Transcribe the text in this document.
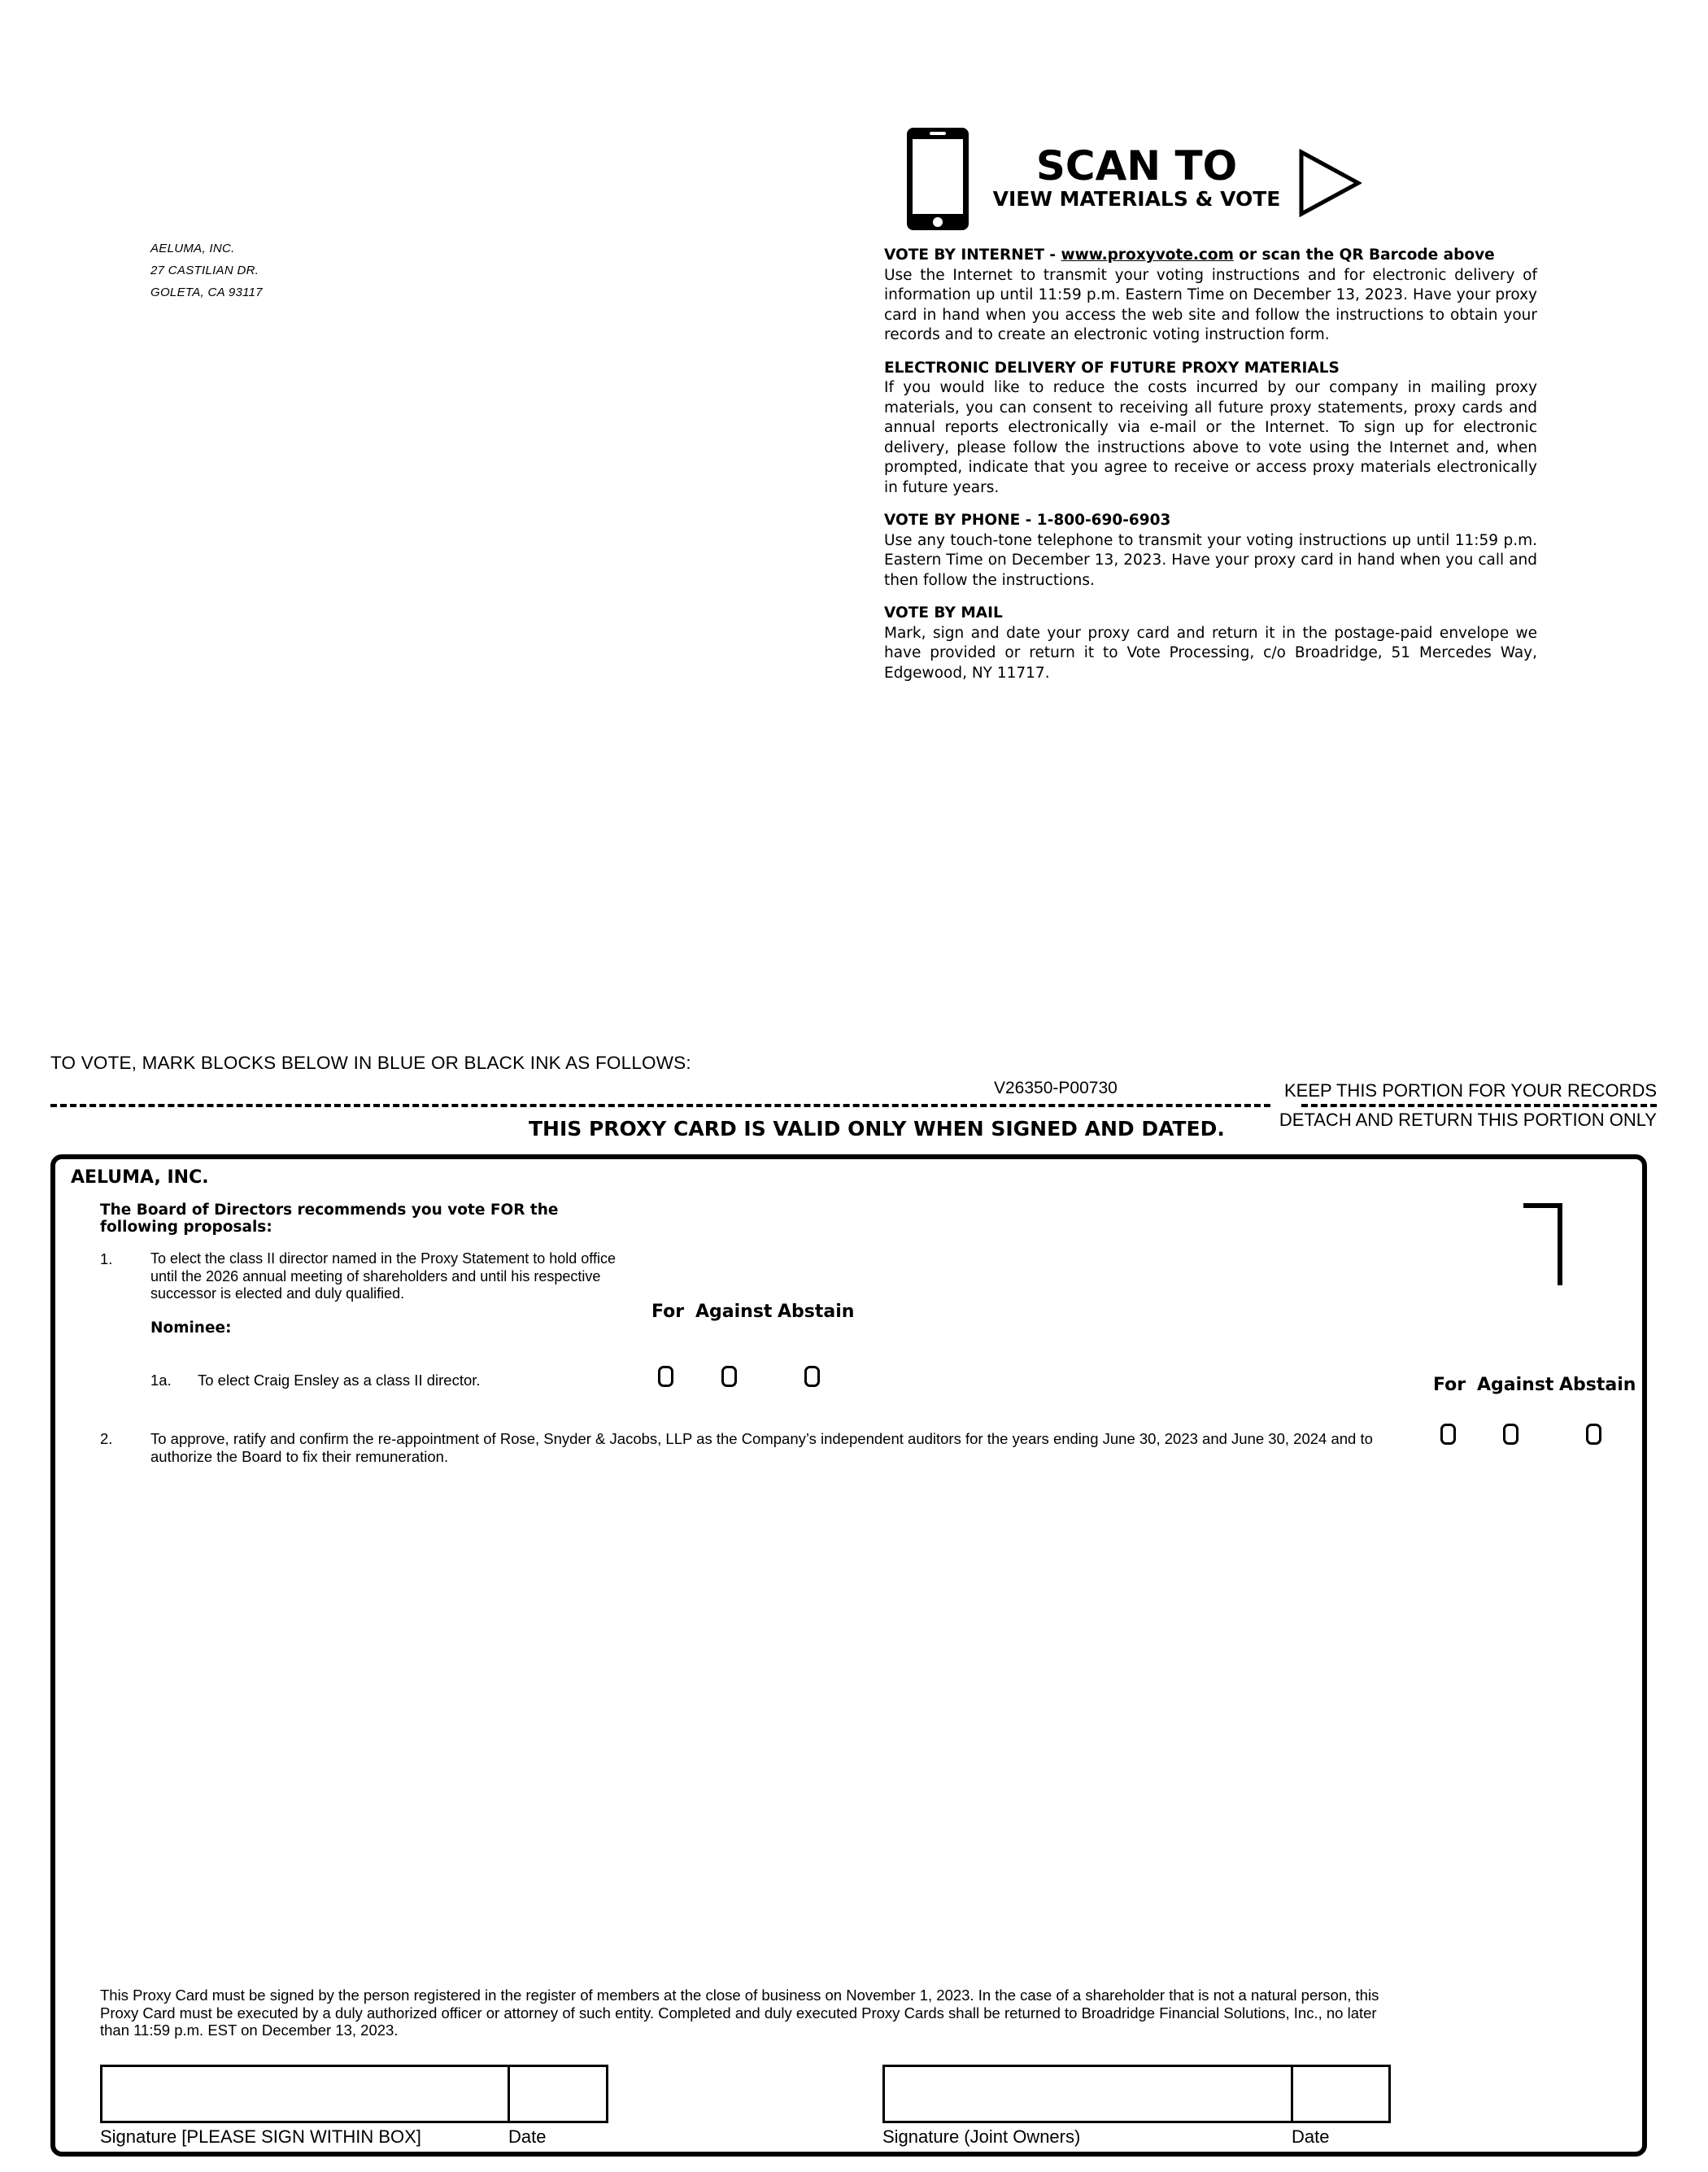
AELUMA, INC.
27 CASTILIAN DR.
GOLETA, CA 93117
SCAN TO
VIEW MATERIALS & VOTE
VOTE BY INTERNET - www.proxyvote.com or scan the QR Barcode above
Use the Internet to transmit your voting instructions and for electronic delivery of information up until 11:59 p.m. Eastern Time on December 13, 2023. Have your proxy card in hand when you access the web site and follow the instructions to obtain your records and to create an electronic voting instruction form.
ELECTRONIC DELIVERY OF FUTURE PROXY MATERIALS
If you would like to reduce the costs incurred by our company in mailing proxy materials, you can consent to receiving all future proxy statements, proxy cards and annual reports electronically via e-mail or the Internet. To sign up for electronic delivery, please follow the instructions above to vote using the Internet and, when prompted, indicate that you agree to receive or access proxy materials electronically in future years.
VOTE BY PHONE - 1-800-690-6903
Use any touch-tone telephone to transmit your voting instructions up until 11:59 p.m. Eastern Time on December 13, 2023. Have your proxy card in hand when you call and then follow the instructions.
VOTE BY MAIL
Mark, sign and date your proxy card and return it in the postage-paid envelope we have provided or return it to Vote Processing, c/o Broadridge, 51 Mercedes Way, Edgewood, NY 11717.
TO VOTE, MARK BLOCKS BELOW IN BLUE OR BLACK INK AS FOLLOWS:
V26350-P00730	KEEP THIS PORTION FOR YOUR RECORDS
DETACH AND RETURN THIS PORTION ONLY
THIS PROXY CARD IS VALID ONLY WHEN SIGNED AND DATED.
AELUMA, INC.
The Board of Directors recommends you vote FOR the following proposals:
1.	To elect the class II director named in the Proxy Statement to hold office until the 2026 annual meeting of shareholders and until his respective successor is elected and duly qualified.
Nominee:
For Against Abstain
1a. To elect Craig Ensley as a class II director.	For Against Abstain
2.	To approve, ratify and confirm the re-appointment of Rose, Snyder & Jacobs, LLP as the Company’s independent auditors for the years ending June 30, 2023 and June 30, 2024 and to authorize the Board to fix their remuneration.
This Proxy Card must be signed by the person registered in the register of members at the close of business on November 1, 2023. In the case of a shareholder that is not a natural person, this Proxy Card must be executed by a duly authorized officer or attorney of such entity. Completed and duly executed Proxy Cards shall be returned to Broadridge Financial Solutions, Inc., no later than 11:59 p.m. EST on December 13, 2023.
Signature [PLEASE SIGN WITHIN BOX]	Date	Signature (Joint Owners)	Date
